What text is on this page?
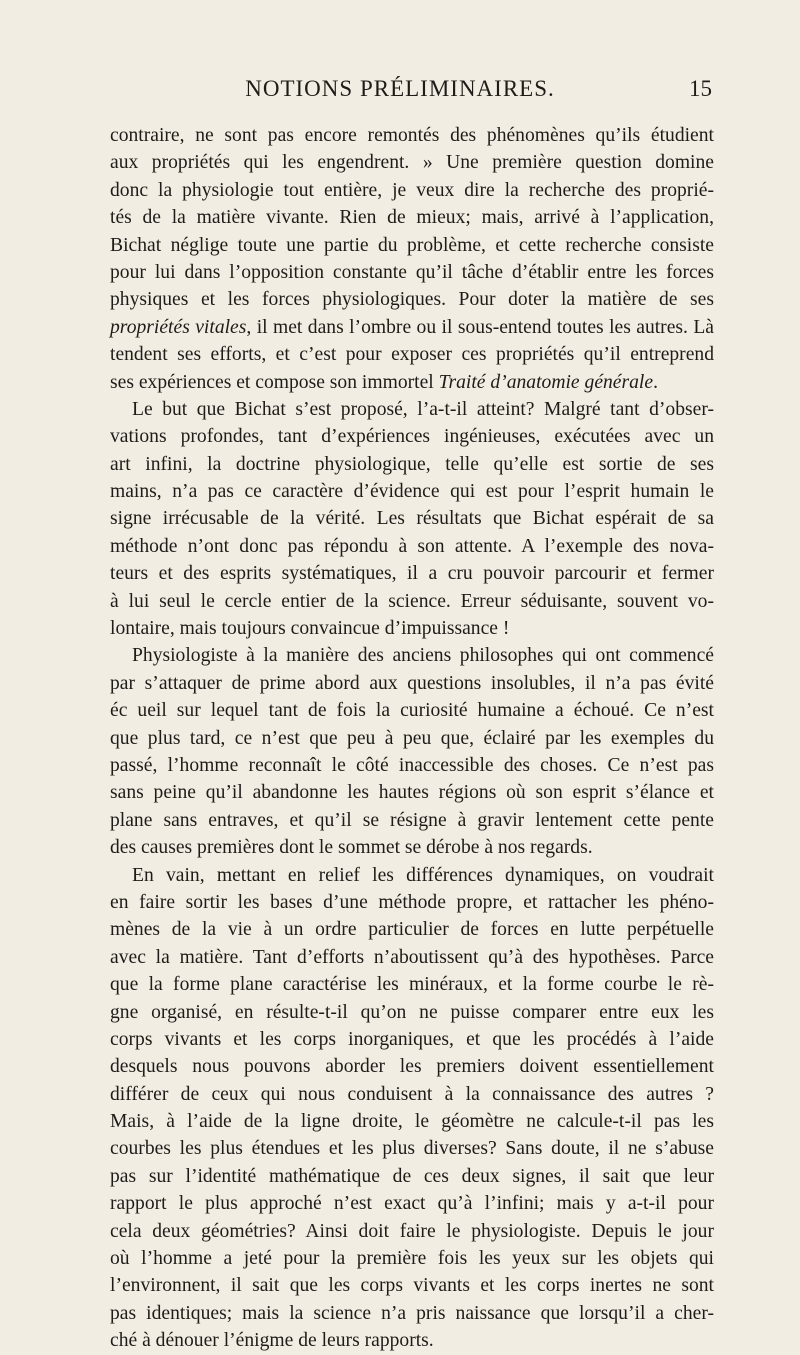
NOTIONS PRÉLIMINAIRES.	15
contraire, ne sont pas encore remontés des phénomènes qu’ils étudient
aux propriétés qui les engendrent. » Une première question domine
donc la physiologie tout entière, je veux dire la recherche des proprié-
tés de la matière vivante. Rien de mieux; mais, arrivé à l’application,
Bichat néglige toute une partie du problème, et cette recherche consiste
pour lui dans l’opposition constante qu’il tâche d’établir entre les forces
physiques et les forces physiologiques. Pour doter la matière de ses
propriétés vitales, il met dans l’ombre ou il sous-entend toutes les autres. Là
tendent ses efforts, et c’est pour exposer ces propriétés qu’il entreprend
ses expériences et compose son immortel Traité d’anatomie générale.
Le but que Bichat s’est proposé, l’a-t-il atteint? Malgré tant d’obser-
vations profondes, tant d’expériences ingénieuses, exécutées avec un
art infini, la doctrine physiologique, telle qu’elle est sortie de ses
mains, n’a pas ce caractère d’évidence qui est pour l’esprit humain le
signe irrécusable de la vérité. Les résultats que Bichat espérait de sa
méthode n’ont donc pas répondu à son attente. A l’exemple des nova-
teurs et des esprits systématiques, il a cru pouvoir parcourir et fermer
à lui seul le cercle entier de la science. Erreur séduisante, souvent vo-
lontaire, mais toujours convaincue d’impuissance !
Physiologiste à la manière des anciens philosophes qui ont commencé
par s’attaquer de prime abord aux questions insolubles, il n’a pas évité
éc ueil sur lequel tant de fois la curiosité humaine a échoué. Ce n’est
que plus tard, ce n’est que peu à peu que, éclairé par les exemples du
passé, l’homme reconnaît le côté inaccessible des choses. Ce n’est pas
sans peine qu’il abandonne les hautes régions où son esprit s’élance et
plane sans entraves, et qu’il se résigne à gravir lentement cette pente
des causes premières dont le sommet se dérobe à nos regards.
En vain, mettant en relief les différences dynamiques, on voudrait
en faire sortir les bases d’une méthode propre, et rattacher les phéno-
mènes de la vie à un ordre particulier de forces en lutte perpétuelle
avec la matière. Tant d’efforts n’aboutissent qu’à des hypothèses. Parce
que la forme plane caractérise les minéraux, et la forme courbe le rè-
gne organisé, en résulte-t-il qu’on ne puisse comparer entre eux les
corps vivants et les corps inorganiques, et que les procédés à l’aide
desquels nous pouvons aborder les premiers doivent essentiellement
différer de ceux qui nous conduisent à la connaissance des autres ?
Mais, à l’aide de la ligne droite, le géomètre ne calcule-t-il pas les
courbes les plus étendues et les plus diverses? Sans doute, il ne s’abuse
pas sur l’identité mathématique de ces deux signes, il sait que leur
rapport le plus approché n’est exact qu’à l’infini; mais y a-t-il pour
cela deux géométries? Ainsi doit faire le physiologiste. Depuis le jour
où l’homme a jeté pour la première fois les yeux sur les objets qui
l’environnent, il sait que les corps vivants et les corps inertes ne sont
pas identiques; mais la science n’a pris naissance que lorsqu’il a cher-
ché à dénouer l’énigme de leurs rapports.
